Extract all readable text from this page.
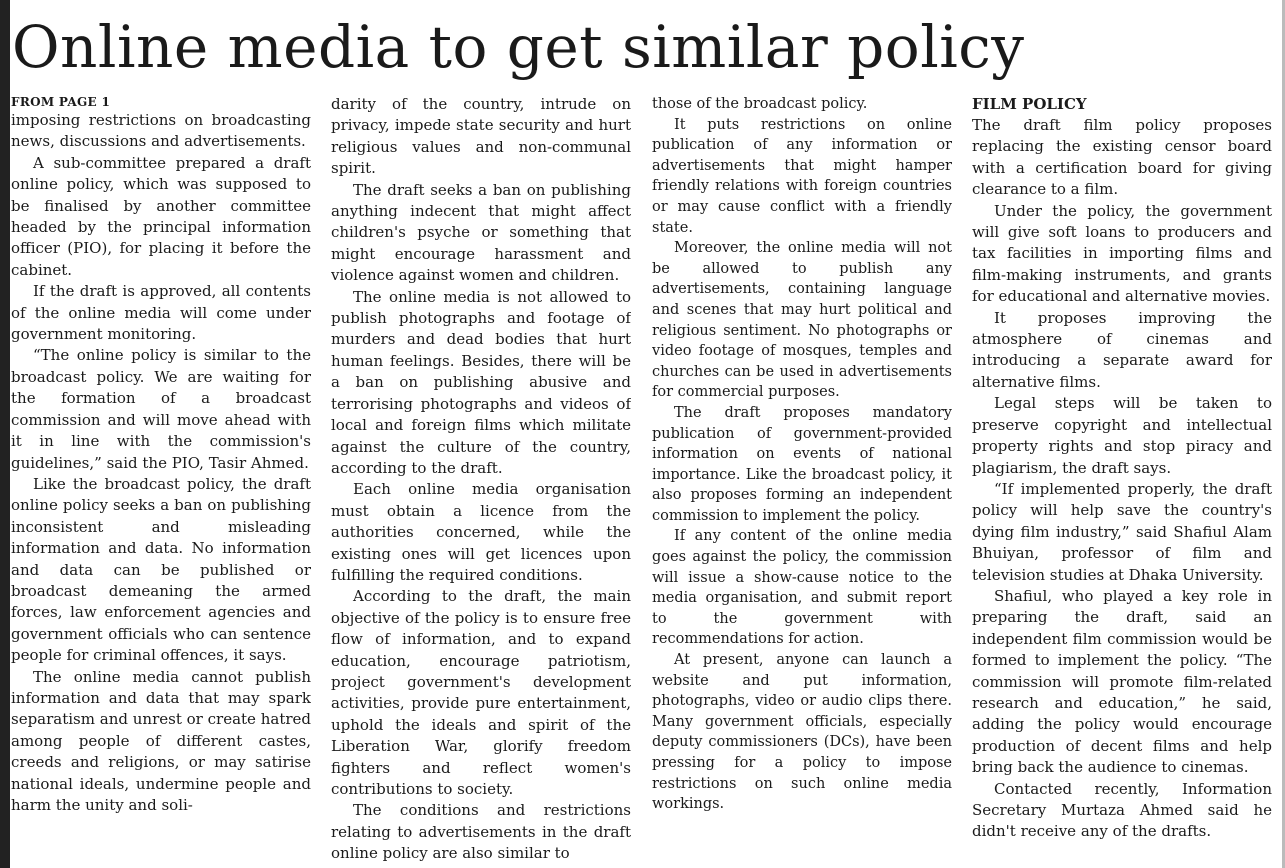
Online media to get similar policy
FROM PAGE 1

imposing restrictions on broadcasting news, discussions and advertisements.

A sub-committee prepared a draft online policy, which was supposed to be finalised by another committee headed by the principal information officer (PIO), for placing it before the cabinet.

If the draft is approved, all contents of the online media will come under government monitoring.

“The online policy is similar to the broadcast policy. We are waiting for the formation of a broadcast commission and will move ahead with it in line with the commission's guidelines,” said the PIO, Tasir Ahmed.

Like the broadcast policy, the draft online policy seeks a ban on publishing inconsistent and misleading information and data. No information and data can be published or broadcast demeaning the armed forces, law enforcement agencies and government officials who can sentence people for criminal offences, it says.

The online media cannot publish information and data that may spark separatism and unrest or create hatred among people of different castes, creeds and religions, or may satirise national ideals, undermine people and harm the unity and soli-

darity of the country, intrude on privacy, impede state security and hurt religious values and non-communal spirit.

The draft seeks a ban on publishing anything indecent that might affect children's psyche or something that might encourage harassment and violence against women and children.

The online media is not allowed to publish photographs and footage of murders and dead bodies that hurt human feelings. Besides, there will be a ban on publishing abusive and terrorising photographs and videos of local and foreign films which militate against the culture of the country, according to the draft.

Each online media organisation must obtain a licence from the authorities concerned, while the existing ones will get licences upon fulfilling the required conditions.

According to the draft, the main objective of the policy is to ensure free flow of information, and to expand education, encourage patriotism, project government's development activities, provide pure entertainment, uphold the ideals and spirit of the Liberation War, glorify freedom fighters and reflect women's contributions to society.

The conditions and restrictions relating to advertisements in the draft online policy are also similar to

those of the broadcast policy.

It puts restrictions on online publication of any information or advertisements that might hamper friendly relations with foreign countries or may cause conflict with a friendly state.

Moreover, the online media will not be allowed to publish any advertisements, containing language and scenes that may hurt political and religious sentiment. No photographs or video footage of mosques, temples and churches can be used in advertisements for commercial purposes.

The draft proposes mandatory publication of government-provided information on events of national importance. Like the broadcast policy, it also proposes forming an independent commission to implement the policy.

If any content of the online media goes against the policy, the commission will issue a show-cause notice to the media organisation, and submit report to the government with recommendations for action.

At present, anyone can launch a website and put information, photographs, video or audio clips there. Many government officials, especially deputy commissioners (DCs), have been pressing for a policy to impose restrictions on such online media workings.

FILM POLICY

The draft film policy proposes replacing the existing censor board with a certification board for giving clearance to a film.

Under the policy, the government will give soft loans to producers and tax facilities in importing films and film-making instruments, and grants for educational and alternative movies.

It proposes improving the atmosphere of cinemas and introducing a separate award for alternative films.

Legal steps will be taken to preserve copyright and intellectual property rights and stop piracy and plagiarism, the draft says.

“If implemented properly, the draft policy will help save the country's dying film industry,” said Shafiul Alam Bhuiyan, professor of film and television studies at Dhaka University.

Shafiul, who played a key role in preparing the draft, said an independent film commission would be formed to implement the policy. “The commission will promote film-related research and education,” he said, adding the policy would encourage production of decent films and help bring back the audience to cinemas.

Contacted recently, Information Secretary Murtaza Ahmed said he didn't receive any of the drafts.
